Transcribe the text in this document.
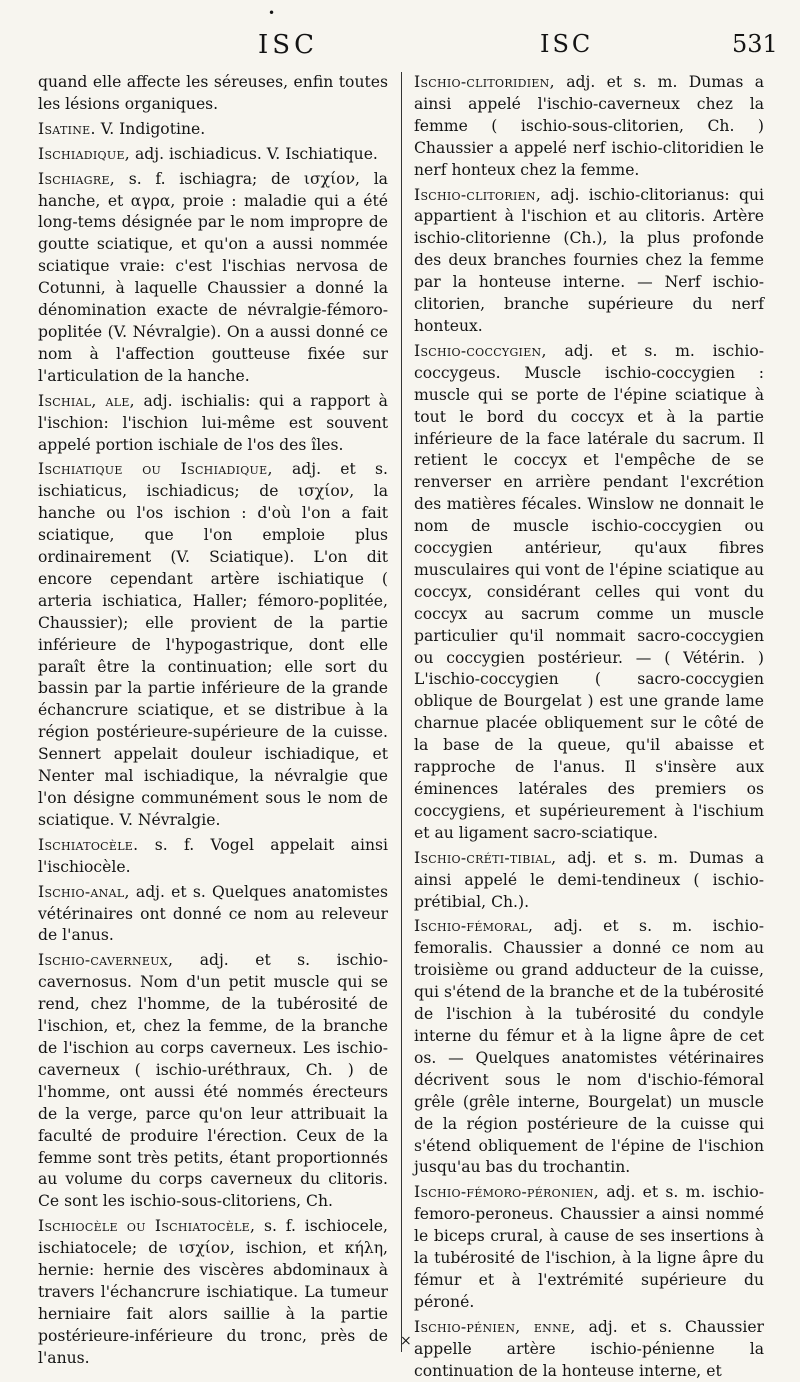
•
ISC	ISC	531

quand elle affecte les séreuses, enfin toutes les lésions organiques.

Isatine. V. Indigotine.

Ischiadique, adj. ischiadicus. V. Ischiatique.

Ischiagre, s. f. ischiagra; de ισχίον, la hanche, et αγρα, proie : maladie qui a été long-tems désignée par le nom impropre de goutte sciatique, et qu'on a aussi nommée sciatique vraie: c'est l'ischias nervosa de Cotunni, à laquelle Chaussier a donné la dénomination exacte de névralgie-fémoro-poplitée (V. Névralgie). On a aussi donné ce nom à l'affection goutteuse fixée sur l'articulation de la hanche.

Ischial, ale, adj. ischialis: qui a rapport à l'ischion: l'ischion lui-même est souvent appelé portion ischiale de l'os des îles.

Ischiatique ou Ischiadique, adj. et s. ischiaticus, ischiadicus; de ισχίον, la hanche ou l'os ischion : d'où l'on a fait sciatique, que l'on emploie plus ordinairement (V. Sciatique). L'on dit encore cependant artère ischiatique ( arteria ischiatica, Haller; fémoro-poplitée, Chaussier); elle provient de la partie inférieure de l'hypogastrique, dont elle paraît être la continuation; elle sort du bassin par la partie inférieure de la grande échancrure sciatique, et se distribue à la région postérieure-supérieure de la cuisse. Sennert appelait douleur ischiadique, et Nenter mal ischiadique, la névralgie que l'on désigne communément sous le nom de sciatique. V. Névralgie.

Ischiatocèle. s. f. Vogel appelait ainsi l'ischiocèle.

Ischio-anal, adj. et s. Quelques anatomistes vétérinaires ont donné ce nom au releveur de l'anus.

Ischio-caverneux, adj. et s. ischio-cavernosus. Nom d'un petit muscle qui se rend, chez l'homme, de la tubérosité de l'ischion, et, chez la femme, de la branche de l'ischion au corps caverneux. Les ischio-caverneux ( ischio-uréthraux, Ch. ) de l'homme, ont aussi été nommés érecteurs de la verge, parce qu'on leur attribuait la faculté de produire l'érection. Ceux de la femme sont très petits, étant proportionnés au volume du corps caverneux du clitoris. Ce sont les ischio-sous-clitoriens, Ch.

Ischiocèle ou Ischiatocèle, s. f. ischiocele, ischiatocele; de ισχίον, ischion, et κήλη, hernie: hernie des viscères abdominaux à travers l'échancrure ischiatique. La tumeur herniaire fait alors saillie à la partie postérieure-inférieure du tronc, près de l'anus.

Ischio-clitoridien, adj. et s. m. Dumas a ainsi appelé l'ischio-caverneux chez la femme ( ischio-sous-clitorien, Ch. ) Chaussier a appelé nerf ischio-clitoridien le nerf honteux chez la femme.

Ischio-clitorien, adj. ischio-clitorianus: qui appartient à l'ischion et au clitoris. Artère ischio-clitorienne (Ch.), la plus profonde des deux branches fournies chez la femme par la honteuse interne. — Nerf ischio-clitorien, branche supérieure du nerf honteux.

Ischio-coccygien, adj. et s. m. ischio-coccygeus. Muscle ischio-coccygien : muscle qui se porte de l'épine sciatique à tout le bord du coccyx et à la partie inférieure de la face latérale du sacrum. Il retient le coccyx et l'empêche de se renverser en arrière pendant l'excrétion des matières fécales. Winslow ne donnait le nom de muscle ischio-coccygien ou coccygien antérieur, qu'aux fibres musculaires qui vont de l'épine sciatique au coccyx, considérant celles qui vont du coccyx au sacrum comme un muscle particulier qu'il nommait sacro-coccygien ou coccygien postérieur. — ( Vétérin. ) L'ischio-coccygien ( sacro-coccygien oblique de Bourgelat ) est une grande lame charnue placée obliquement sur le côté de la base de la queue, qu'il abaisse et rapproche de l'anus. Il s'insère aux éminences latérales des premiers os coccygiens, et supérieurement à l'ischium et au ligament sacro-sciatique.

Ischio-créti-tibial, adj. et s. m. Dumas a ainsi appelé le demi-tendineux ( ischio-prétibial, Ch.).

Ischio-fémoral, adj. et s. m. ischio-femoralis. Chaussier a donné ce nom au troisième ou grand adducteur de la cuisse, qui s'étend de la branche et de la tubérosité de l'ischion à la tubérosité du condyle interne du fémur et à la ligne âpre de cet os. — Quelques anatomistes vétérinaires décrivent sous le nom d'ischio-fémoral grêle (grêle interne, Bourgelat) un muscle de la région postérieure de la cuisse qui s'étend obliquement de l'épine de l'ischion jusqu'au bas du trochantin.

Ischio-fémoro-péronien, adj. et s. m. ischio-femoro-peroneus. Chaussier a ainsi nommé le biceps crural, à cause de ses insertions à la tubérosité de l'ischion, à la ligne âpre du fémur et à l'extrémité supérieure du péroné.

Ischio-pénien, enne, adj. et s. Chaussier appelle artère ischio-pénienne la continuation de la honteuse interne, et

×
